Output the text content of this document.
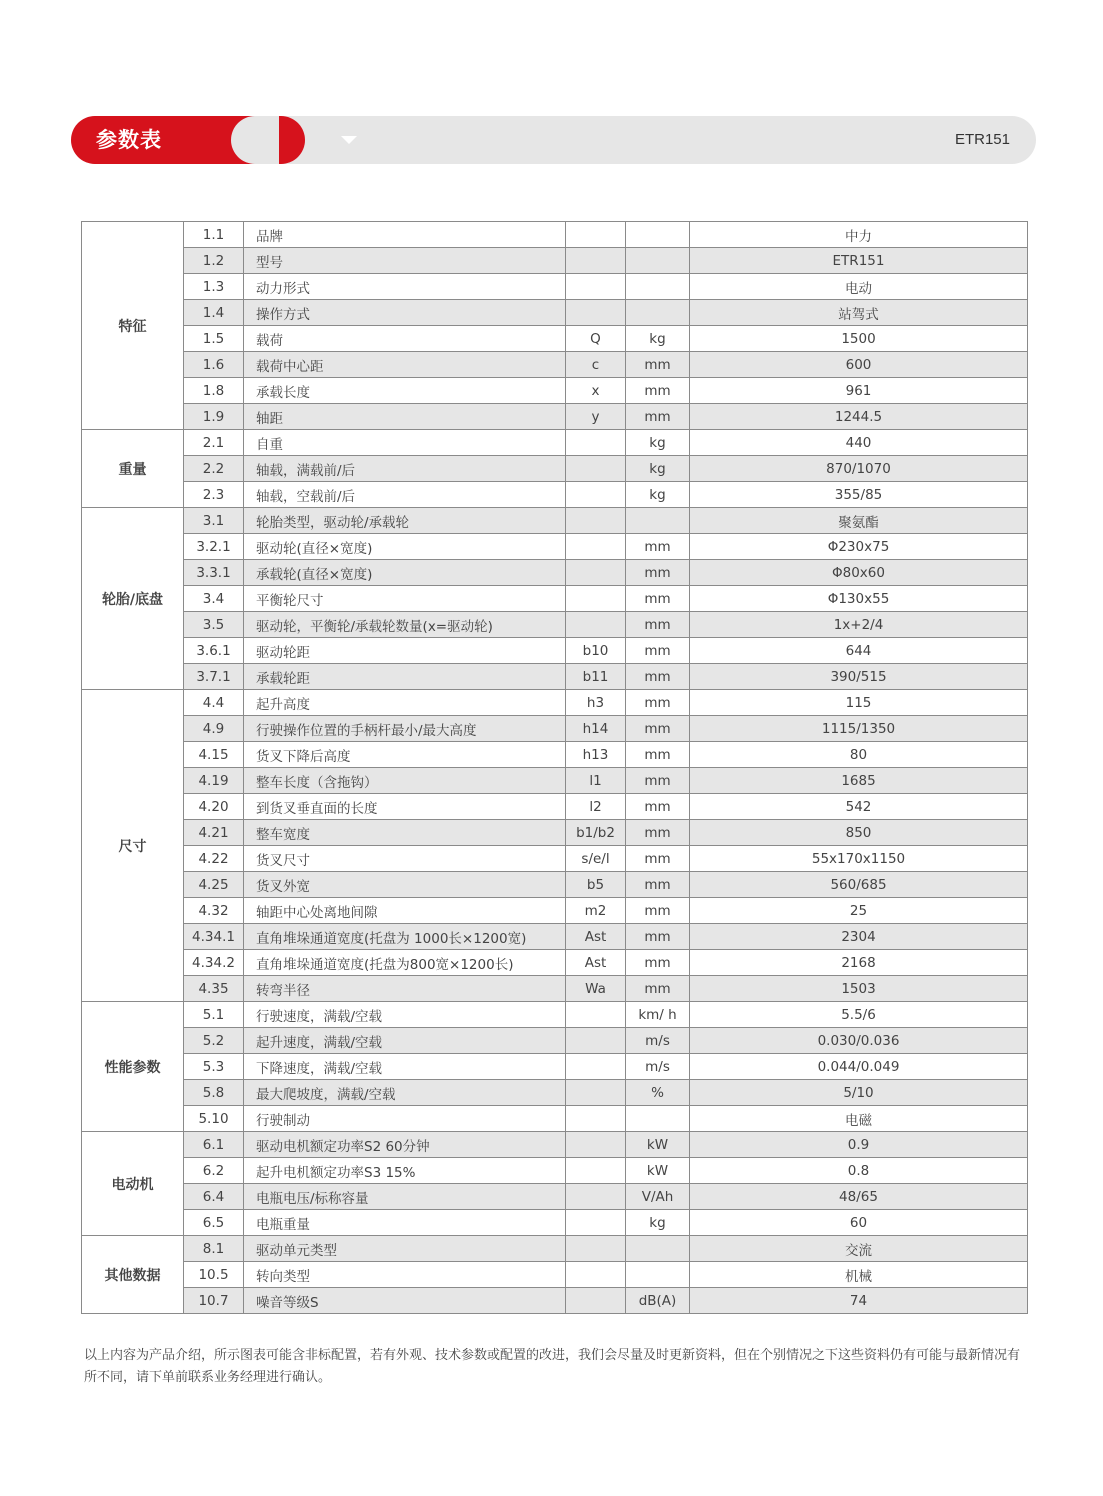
参数表	ETR151
特征	1.1	品牌			中力
	1.2	型号			ETR151
	1.3	动力形式			电动
	1.4	操作方式			站驾式
	1.5	载荷	Q	kg	1500
	1.6	载荷中心距	c	mm	600
	1.8	承载长度	x	mm	961
	1.9	轴距	y	mm	1244.5
重量	2.1	自重		kg	440
	2.2	轴载，满载前/后		kg	870/1070
	2.3	轴载，空载前/后		kg	355/85
轮胎/底盘	3.1	轮胎类型，驱动轮/承载轮			聚氨酯
	3.2.1	驱动轮(直径×宽度)		mm	Φ230x75
	3.3.1	承载轮(直径×宽度)		mm	Φ80x60
	3.4	平衡轮尺寸		mm	Φ130x55
	3.5	驱动轮，平衡轮/承载轮数量(x=驱动轮)		mm	1x+2/4
	3.6.1	驱动轮距	b10	mm	644
	3.7.1	承载轮距	b11	mm	390/515
尺寸	4.4	起升高度	h3	mm	115
	4.9	行驶操作位置的手柄杆最小/最大高度	h14	mm	1115/1350
	4.15	货叉下降后高度	h13	mm	80
	4.19	整车长度（含拖钩）	l1	mm	1685
	4.20	到货叉垂直面的长度	l2	mm	542
	4.21	整车宽度	b1/b2	mm	850
	4.22	货叉尺寸	s/e/l	mm	55x170x1150
	4.25	货叉外宽	b5	mm	560/685
	4.32	轴距中心处离地间隙	m2	mm	25
	4.34.1	直角堆垛通道宽度(托盘为 1000长×1200宽)	Ast	mm	2304
	4.34.2	直角堆垛通道宽度(托盘为800宽×1200长)	Ast	mm	2168
	4.35	转弯半径	Wa	mm	1503
性能参数	5.1	行驶速度，满载/空载		km/ h	5.5/6
	5.2	起升速度，满载/空载		m/s	0.030/0.036
	5.3	下降速度，满载/空载		m/s	0.044/0.049
	5.8	最大爬坡度，满载/空载		%	5/10
	5.10	行驶制动			电磁
电动机	6.1	驱动电机额定功率S2 60分钟		kW	0.9
	6.2	起升电机额定功率S3 15%		kW	0.8
	6.4	电瓶电压/标称容量		V/Ah	48/65
	6.5	电瓶重量		kg	60
其他数据	8.1	驱动单元类型			交流
	10.5	转向类型			机械
	10.7	噪音等级S		dB(A)	74
以上内容为产品介绍，所示图表可能含非标配置，若有外观、技术参数或配置的改进，我们会尽量及时更新资料，但在个别情况之下这些资料仍有可能与最新情况有所不同，请下单前联系业务经理进行确认。
